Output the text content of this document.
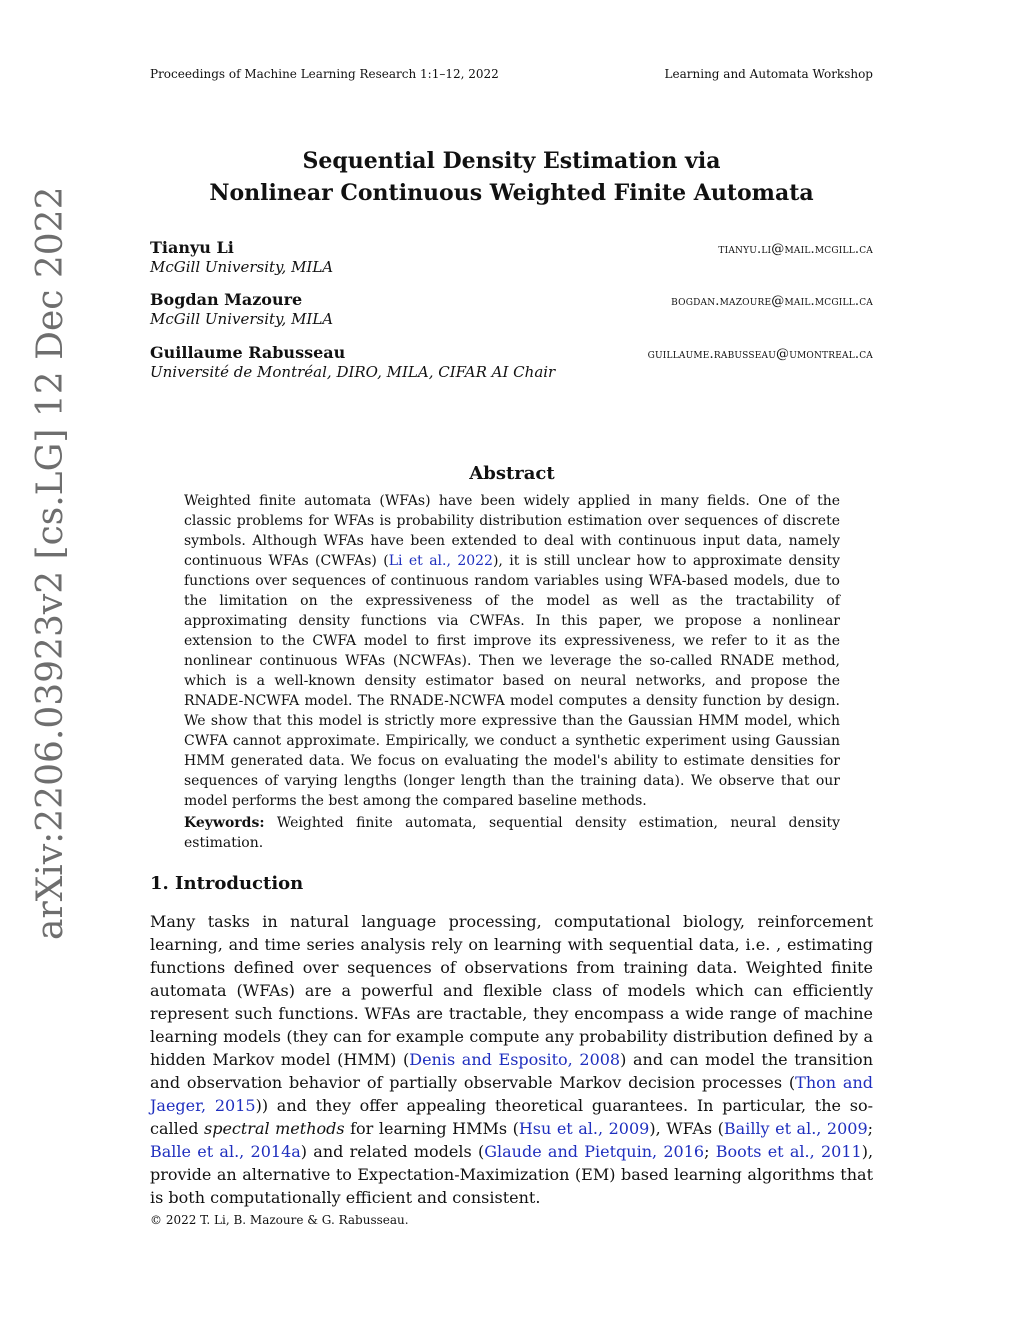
Proceedings of Machine Learning Research 1:1–12, 2022	Learning and Automata Workshop
arXiv:2206.03923v2 [cs.LG] 12 Dec 2022
Sequential Density Estimation via
Nonlinear Continuous Weighted Finite Automata
Tianyu Li	tianyu.li@mail.mcgill.ca
McGill University, MILA
Bogdan Mazoure	bogdan.mazoure@mail.mcgill.ca
McGill University, MILA
Guillaume Rabusseau	guillaume.rabusseau@umontreal.ca
Université de Montréal, DIRO, MILA, CIFAR AI Chair
Abstract
Weighted finite automata (WFAs) have been widely applied in many fields. One of the classic problems for WFAs is probability distribution estimation over sequences of discrete symbols. Although WFAs have been extended to deal with continuous input data, namely continuous WFAs (CWFAs) (Li et al., 2022), it is still unclear how to approximate density functions over sequences of continuous random variables using WFA-based models, due to the limitation on the expressiveness of the model as well as the tractability of approximating density functions via CWFAs. In this paper, we propose a nonlinear extension to the CWFA model to first improve its expressiveness, we refer to it as the nonlinear continuous WFAs (NCWFAs). Then we leverage the so-called RNADE method, which is a well-known density estimator based on neural networks, and propose the RNADE-NCWFA model. The RNADE-NCWFA model computes a density function by design. We show that this model is strictly more expressive than the Gaussian HMM model, which CWFA cannot approximate. Empirically, we conduct a synthetic experiment using Gaussian HMM generated data. We focus on evaluating the model's ability to estimate densities for sequences of varying lengths (longer length than the training data). We observe that our model performs the best among the compared baseline methods.
Keywords: Weighted finite automata, sequential density estimation, neural density estimation.
1. Introduction
Many tasks in natural language processing, computational biology, reinforcement learning, and time series analysis rely on learning with sequential data, i.e. , estimating functions defined over sequences of observations from training data. Weighted finite automata (WFAs) are a powerful and flexible class of models which can efficiently represent such functions. WFAs are tractable, they encompass a wide range of machine learning models (they can for example compute any probability distribution defined by a hidden Markov model (HMM) (Denis and Esposito, 2008) and can model the transition and observation behavior of partially observable Markov decision processes (Thon and Jaeger, 2015)) and they offer appealing theoretical guarantees. In particular, the so-called spectral methods for learning HMMs (Hsu et al., 2009), WFAs (Bailly et al., 2009; Balle et al., 2014a) and related models (Glaude and Pietquin, 2016; Boots et al., 2011), provide an alternative to Expectation-Maximization (EM) based learning algorithms that is both computationally efficient and consistent.
© 2022 T. Li, B. Mazoure & G. Rabusseau.
